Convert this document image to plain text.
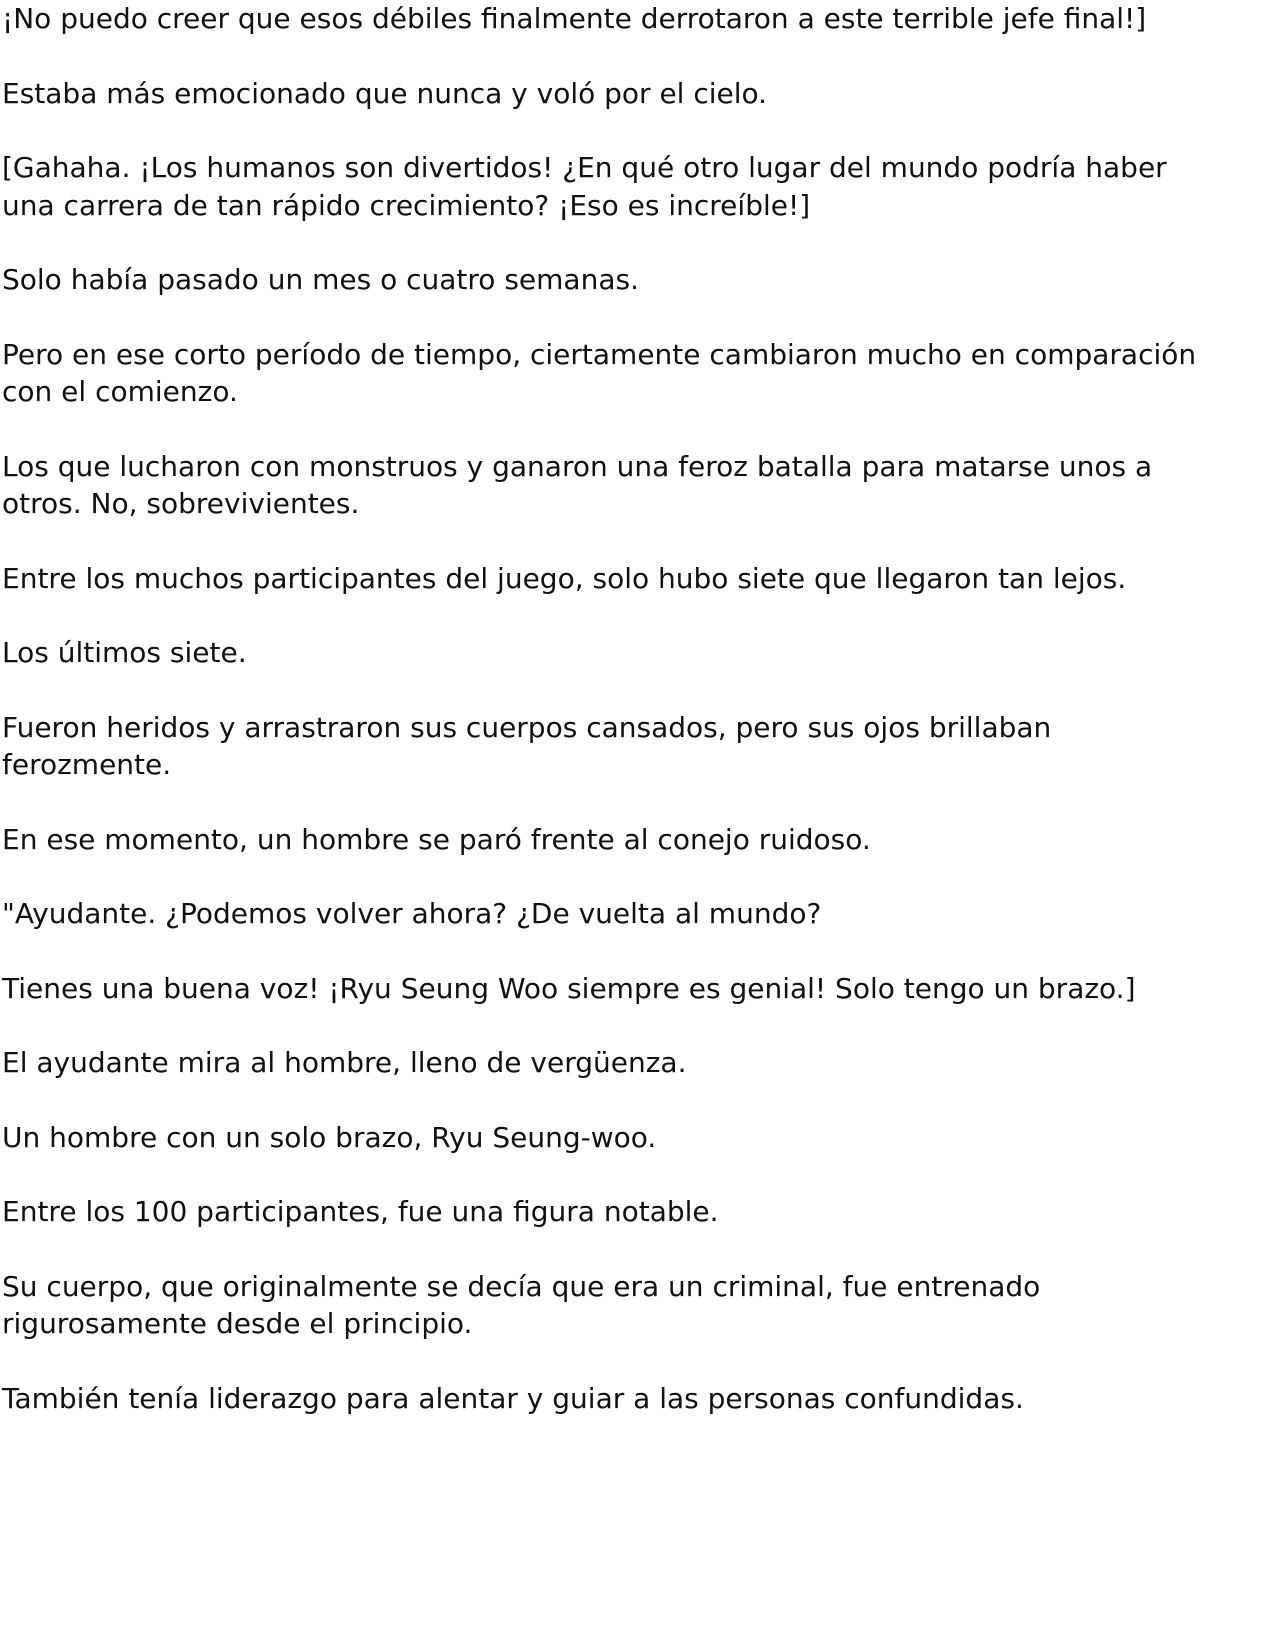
¡No puedo creer que esos débiles finalmente derrotaron a este terrible jefe final!]

Estaba más emocionado que nunca y voló por el cielo.

[Gahaha. ¡Los humanos son divertidos! ¿En qué otro lugar del mundo podría haber una carrera de tan rápido crecimiento? ¡Eso es increíble!]

Solo había pasado un mes o cuatro semanas.

Pero en ese corto período de tiempo, ciertamente cambiaron mucho en comparación con el comienzo.

Los que lucharon con monstruos y ganaron una feroz batalla para matarse unos a otros. No, sobrevivientes.

Entre los muchos participantes del juego, solo hubo siete que llegaron tan lejos.

Los últimos siete.

Fueron heridos y arrastraron sus cuerpos cansados, pero sus ojos brillaban ferozmente.

En ese momento, un hombre se paró frente al conejo ruidoso.

"Ayudante. ¿Podemos volver ahora? ¿De vuelta al mundo?

Tienes una buena voz! ¡Ryu Seung Woo siempre es genial! Solo tengo un brazo.]

El ayudante mira al hombre, lleno de vergüenza.

Un hombre con un solo brazo, Ryu Seung-woo.

Entre los 100 participantes, fue una figura notable.

Su cuerpo, que originalmente se decía que era un criminal, fue entrenado rigurosamente desde el principio.

También tenía liderazgo para alentar y guiar a las personas confundidas.
